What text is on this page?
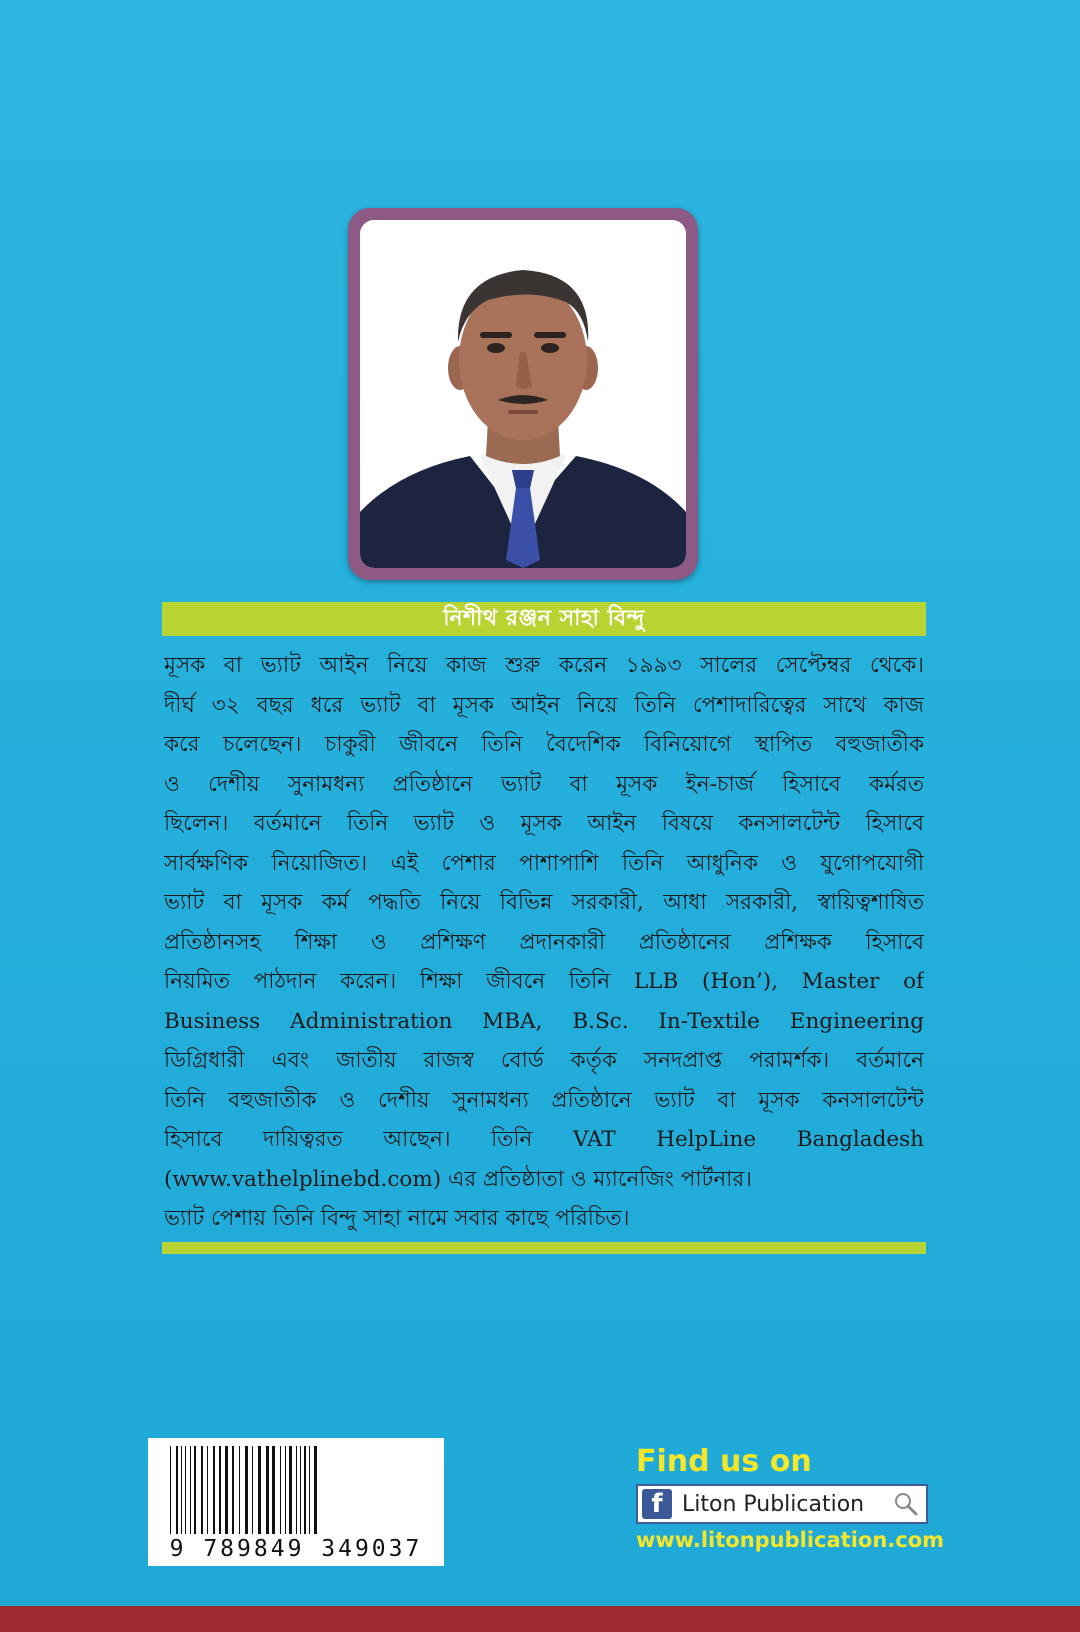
নিশীথ রঞ্জন সাহা বিন্দু
মূসক বা ভ্যাট আইন নিয়ে কাজ শুরু করেন ১৯৯৩ সালের সেপ্টেম্বর থেকে।
দীর্ঘ ৩২ বছর ধরে ভ্যাট বা মূসক আইন নিয়ে তিনি পেশাদারিত্বের সাথে কাজ
করে চলেছেন। চাকুরী জীবনে তিনি বৈদেশিক বিনিয়োগে স্থাপিত বহুজাতীক
ও দেশীয় সুনামধন্য প্রতিষ্ঠানে ভ্যাট বা মূসক ইন-চার্জ হিসাবে কর্মরত
ছিলেন। বর্তমানে তিনি ভ্যাট ও মূসক আইন বিষয়ে কনসালটেন্ট হিসাবে
সার্বক্ষণিক নিয়োজিত। এই পেশার পাশাপাশি তিনি আধুনিক ও যুগোপযোগী
ভ্যাট বা মূসক কর্ম পদ্ধতি নিয়ে বিভিন্ন সরকারী, আধা সরকারী, স্বায়িত্বশাষিত
প্রতিষ্ঠানসহ শিক্ষা ও প্রশিক্ষণ প্রদানকারী প্রতিষ্ঠানের প্রশিক্ষক হিসাবে
নিয়মিত পাঠদান করেন। শিক্ষা জীবনে তিনি LLB (Hon’), Master of
Business Administration MBA, B.Sc. In-Textile Engineering
ডিগ্রিধারী এবং জাতীয় রাজস্ব বোর্ড কর্তৃক সনদপ্রাপ্ত পরামর্শক। বর্তমানে
তিনি বহুজাতীক ও দেশীয় সুনামধন্য প্রতিষ্ঠানে ভ্যাট বা মূসক কনসালটেন্ট
হিসাবে দায়িত্বরত আছেন। তিনি VAT HelpLine Bangladesh
(www.vathelplinebd.com) এর প্রতিষ্ঠাতা ও ম্যানেজিং পার্টনার।
ভ্যাট পেশায় তিনি বিন্দু সাহা নামে সবার কাছে পরিচিত।
9 789849 349037
Find us on
f Liton Publication
www.litonpublication.com
